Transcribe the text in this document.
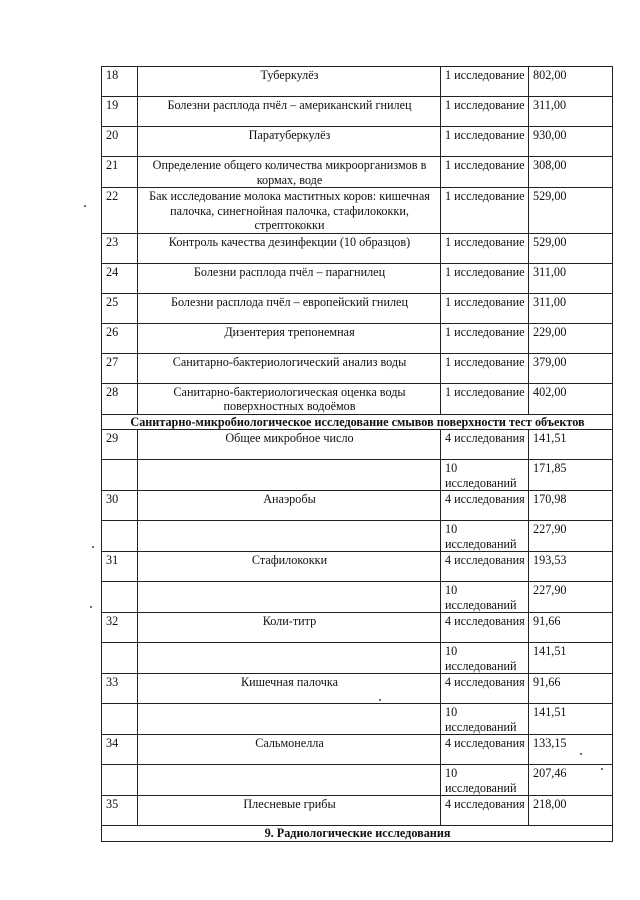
18	Туберкулёз	1 исследование	802,00
19	Болезни расплода пчёл – американский гнилец	1 исследование	311,00
20	Паратуберкулёз	1 исследование	930,00
21	Определение общего количества микроорганизмов в кормах, воде	1 исследование	308,00
22	Бак исследование молока маститных коров: кишечная палочка, синегнойная палочка, стафилококки, стрептококки	1 исследование	529,00
23	Контроль качества дезинфекции (10 образцов)	1 исследование	529,00
24	Болезни расплода пчёл – парагнилец	1 исследование	311,00
25	Болезни расплода пчёл – европейский гнилец	1 исследование	311,00
26	Дизентерия трепонемная	1 исследование	229,00
27	Санитарно-бактериологический анализ воды	1 исследование	379,00
28	Санитарно-бактериологическая оценка воды поверхностных водоёмов	1 исследование	402,00
Санитарно-микробиологическое исследование смывов поверхности тест объектов			
29	Общее микробное число	4 исследования	141,51
		10 исследований	171,85
30	Анаэробы	4 исследования	170,98
		10 исследований	227,90
31	Стафилококки	4 исследования	193,53
		10 исследований	227,90
32	Коли-титр	4 исследования	91,66
		10 исследований	141,51
33	Кишечная палочка	4 исследования	91,66
		10 исследований	141,51
34	Сальмонелла	4 исследования	133,15
		10 исследований	207,46
35	Плесневые грибы	4 исследования	218,00
9. Радиологические исследования			
